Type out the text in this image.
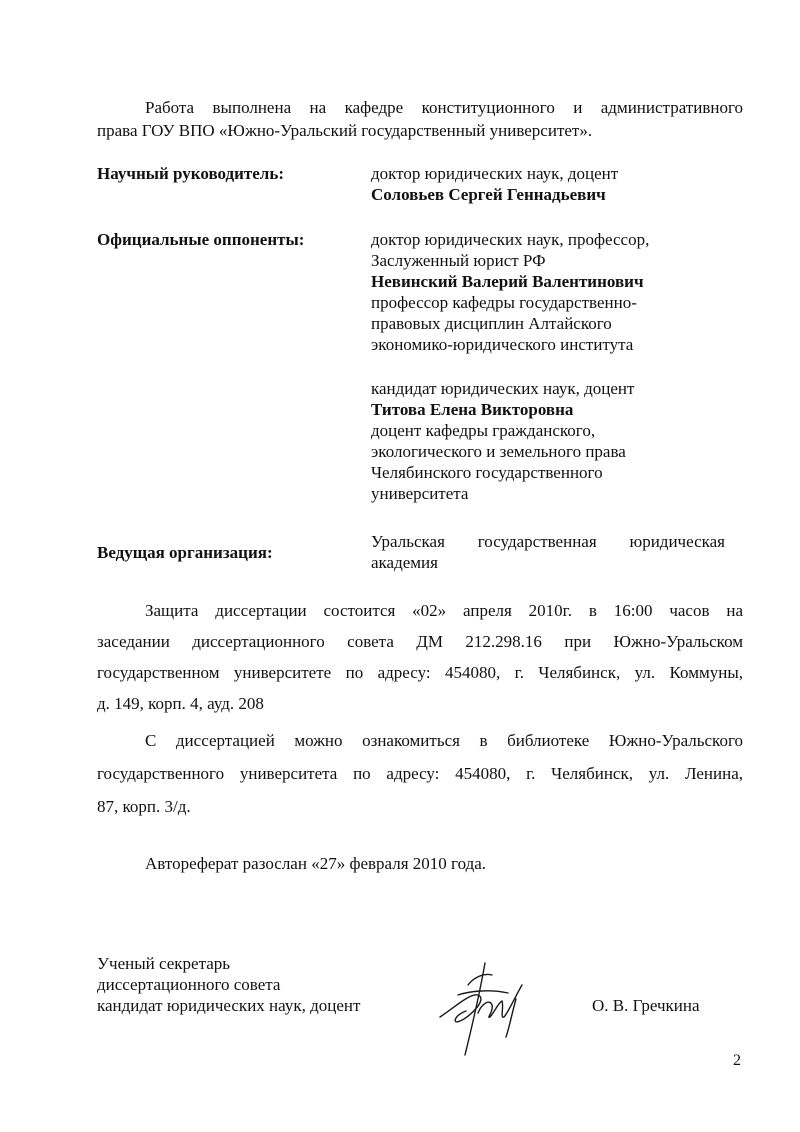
Работа выполнена на кафедре конституционного и административного
права ГОУ ВПО «Южно-Уральский государственный университет».
Научный руководитель:	доктор юридических наук, доцент
Соловьев Сергей Геннадьевич
Официальные оппоненты:	доктор юридических наук, профессор,
Заслуженный юрист РФ
Невинский Валерий Валентинович
профессор кафедры государственно-
правовых дисциплин Алтайского
экономико-юридического института
кандидат юридических наук, доцент
Титова Елена Викторовна
доцент кафедры гражданского,
экологического и земельного права
Челябинского государственного
университета
Ведущая организация:
Уральская государственная юридическая
академия
Защита диссертации состоится «02» апреля 2010г. в 16:00 часов на
заседании диссертационного совета ДМ 212.298.16 при Южно-Уральском
государственном университете по адресу: 454080, г. Челябинск, ул. Коммуны,
д. 149, корп. 4, ауд. 208
С диссертацией можно ознакомиться в библиотеке Южно-Уральского
государственного университета по адресу: 454080, г. Челябинск, ул. Ленина,
87, корп. 3/д.
Автореферат разослан «27» февраля 2010 года.
Ученый секретарь
диссертационного совета
кандидат юридических наук, доцент	О. В. Гречкина
2
